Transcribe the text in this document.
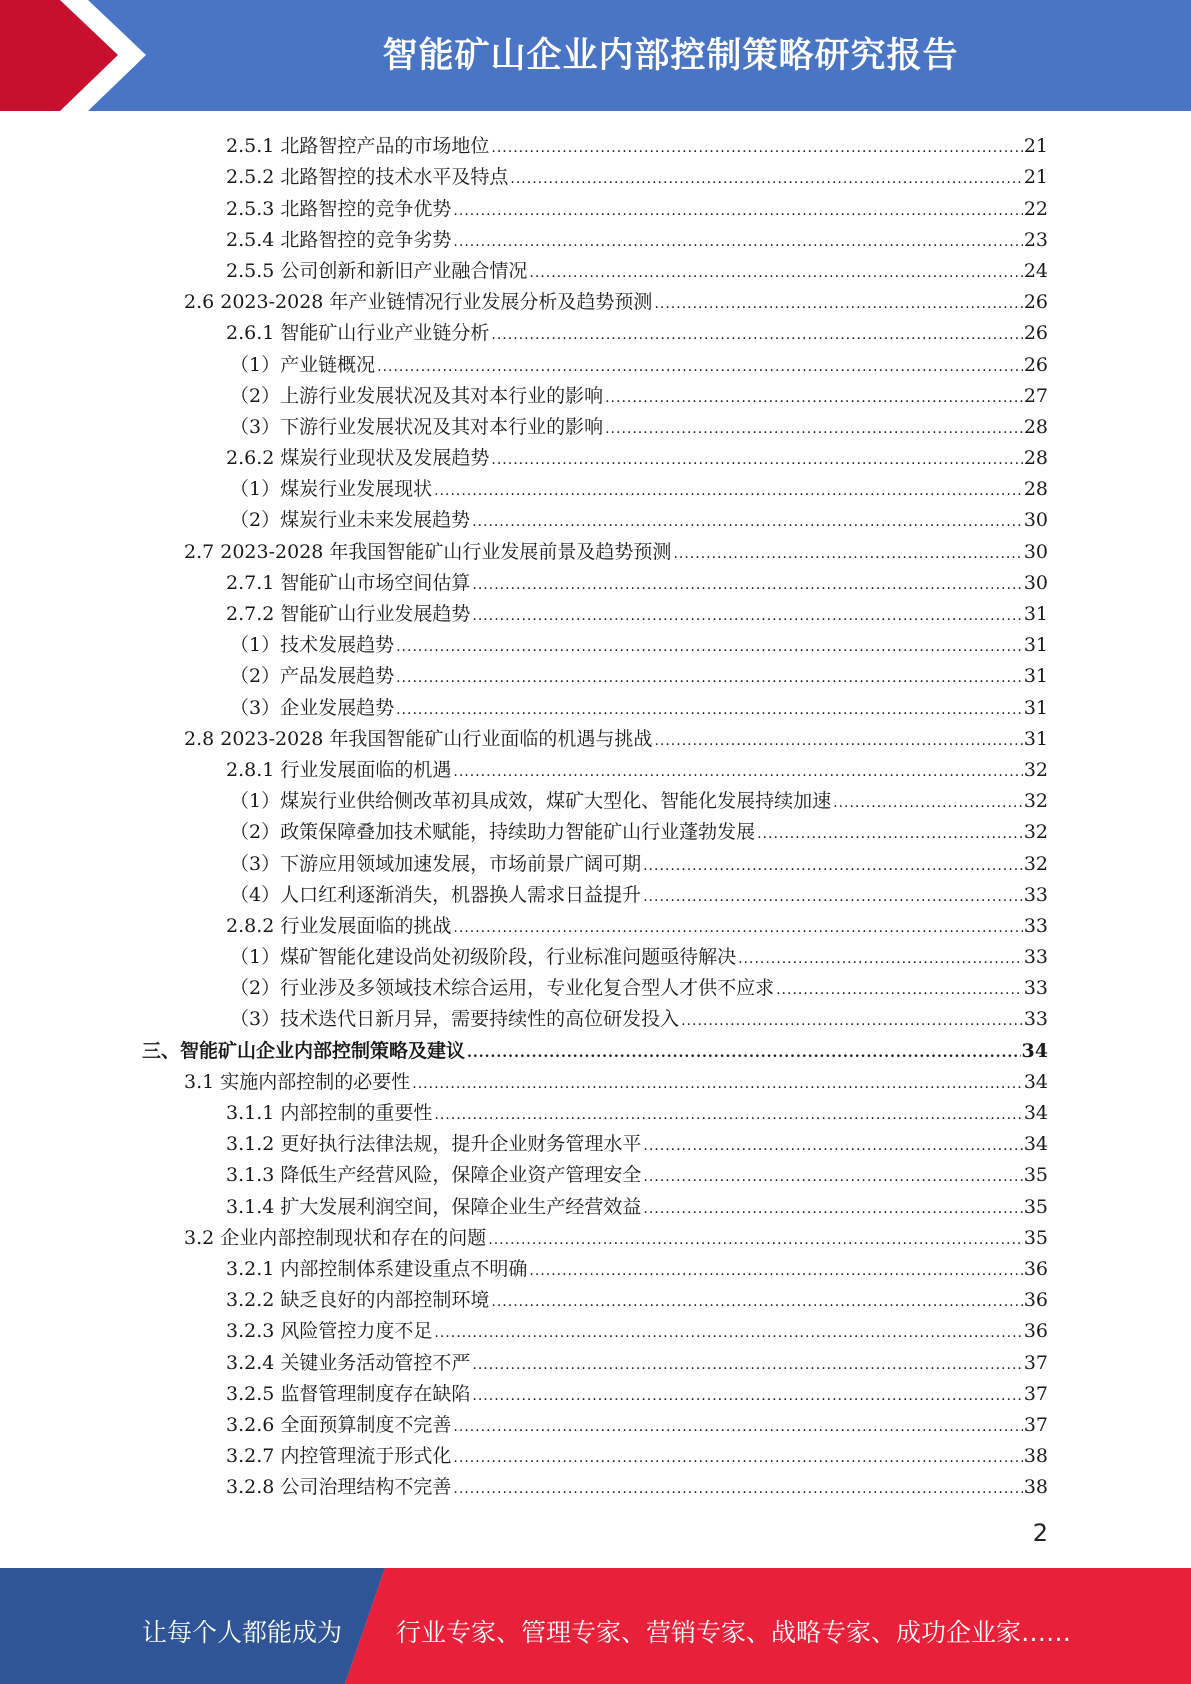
智能矿山企业内部控制策略研究报告
2.5.1 北路智控产品的市场地位 .....	21
2.5.2 北路智控的技术水平及特点 .....	21
2.5.3 北路智控的竞争优势 .....	22
2.5.4 北路智控的竞争劣势 .....	23
2.5.5 公司创新和新旧产业融合情况 .....	24
2.6 2023-2028 年产业链情况行业发展分析及趋势预测 .....	26
2.6.1 智能矿山行业产业链分析 .....	26
（1）产业链概况 .....	26
（2）上游行业发展状况及其对本行业的影响 .....	27
（3）下游行业发展状况及其对本行业的影响 .....	28
2.6.2 煤炭行业现状及发展趋势 .....	28
（1）煤炭行业发展现状 .....	28
（2）煤炭行业未来发展趋势 .....	30
2.7 2023-2028 年我国智能矿山行业发展前景及趋势预测 .....	30
2.7.1 智能矿山市场空间估算 .....	30
2.7.2 智能矿山行业发展趋势 .....	31
（1）技术发展趋势 .....	31
（2）产品发展趋势 .....	31
（3）企业发展趋势 .....	31
2.8 2023-2028 年我国智能矿山行业面临的机遇与挑战 .....	31
2.8.1 行业发展面临的机遇 .....	32
（1）煤炭行业供给侧改革初具成效，煤矿大型化、智能化发展持续加速 .....	32
（2）政策保障叠加技术赋能，持续助力智能矿山行业蓬勃发展 .....	32
（3）下游应用领域加速发展，市场前景广阔可期 .....	32
（4）人口红利逐渐消失，机器换人需求日益提升 .....	33
2.8.2 行业发展面临的挑战 .....	33
（1）煤矿智能化建设尚处初级阶段，行业标准问题亟待解决 .....	33
（2）行业涉及多领域技术综合运用，专业化复合型人才供不应求 .....	33
（3）技术迭代日新月异，需要持续性的高位研发投入 .....	33
三、智能矿山企业内部控制策略及建议 .....	34
3.1 实施内部控制的必要性 .....	34
3.1.1 内部控制的重要性 .....	34
3.1.2 更好执行法律法规，提升企业财务管理水平 .....	34
3.1.3 降低生产经营风险，保障企业资产管理安全 .....	35
3.1.4 扩大发展利润空间，保障企业生产经营效益 .....	35
3.2 企业内部控制现状和存在的问题 .....	35
3.2.1 内部控制体系建设重点不明确 .....	36
3.2.2 缺乏良好的内部控制环境 .....	36
3.2.3 风险管控力度不足 .....	36
3.2.4 关键业务活动管控不严 .....	37
3.2.5 监督管理制度存在缺陷 .....	37
3.2.6 全面预算制度不完善 .....	37
3.2.7 内控管理流于形式化 .....	38
3.2.8 公司治理结构不完善 .....	38
2
让每个人都能成为 行业专家、管理专家、营销专家、战略专家、成功企业家……
